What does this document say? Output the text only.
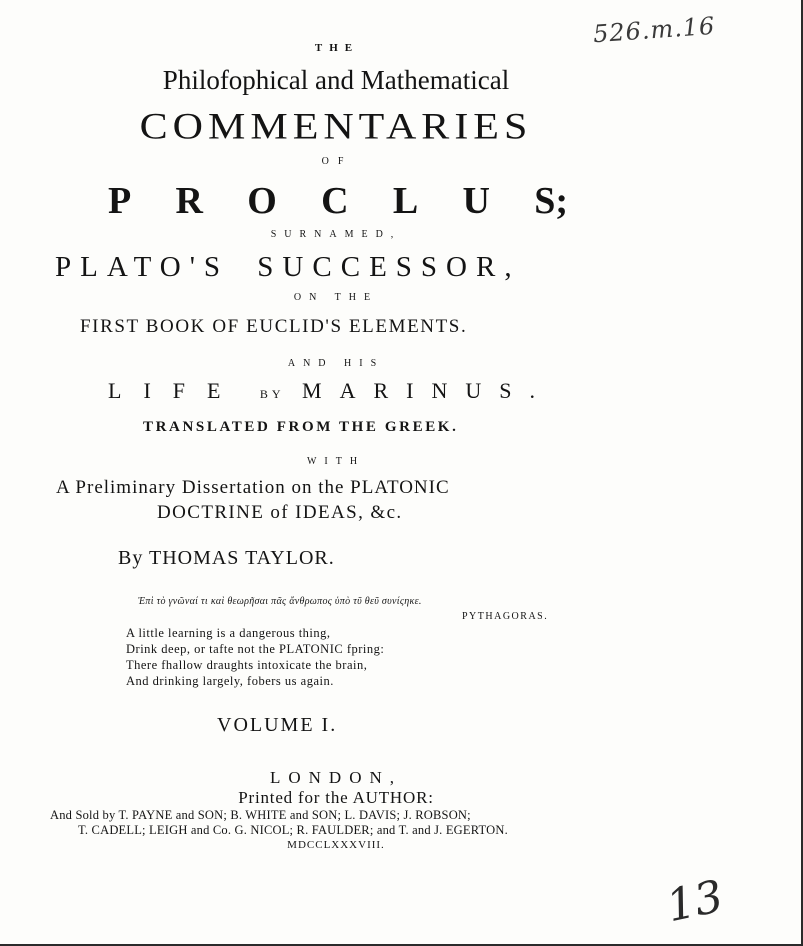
526.m.16
THE
Philofophical and Mathematical
COMMENTARIES
OF
P R O C L U S;
SURNAMED,
PLATO'S SUCCESSOR,
ON THE
FIRST BOOK OF EUCLID'S ELEMENTS.
AND HIS
LIFE BY MARINUS.
TRANSLATED FROM THE GREEK.
WITH
A Preliminary Dissertation on the PLATONIC
DOCTRINE of IDEAS, &c.
By THOMAS TAYLOR.
Ἐπὶ τὸ γνῶναί τι καὶ θεωρῆσαι πᾶς ἄνθρωπος ὑπὸ τῦ θεῦ συνίςηκε.
PYTHAGORAS.
A little learning is a dangerous thing,
Drink deep, or tafte not the PLATONIC fpring:
There fhallow draughts intoxicate the brain,
And drinking largely, fobers us again.
VOLUME I.
LONDON,
Printed for the AUTHOR:
And Sold by T. PAYNE and SON; B. WHITE and SON; L. DAVIS; J. ROBSON;
T. CADELL; LEIGH and Co. G. NICOL; R. FAULDER; and T. and J. EGERTON.
MDCCLXXXVIII.
13
